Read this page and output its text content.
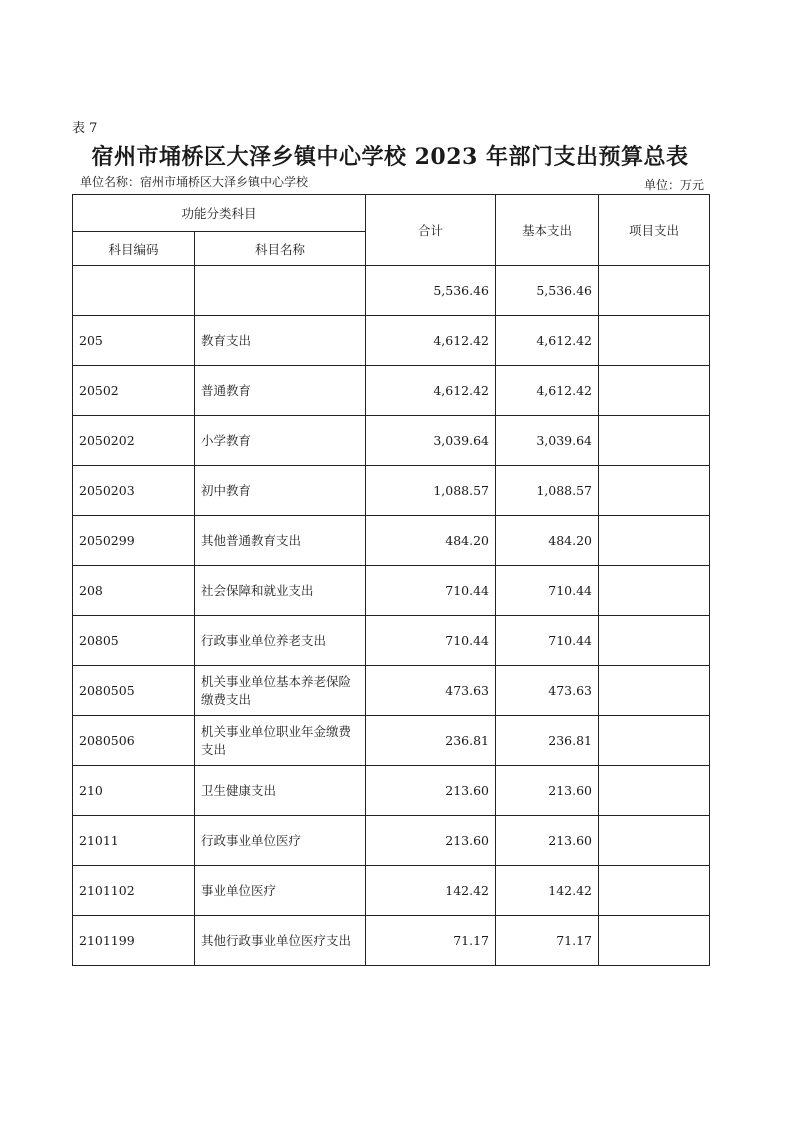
表 7
宿州市埇桥区大泽乡镇中心学校 2023 年部门支出预算总表
单位名称：宿州市埇桥区大泽乡镇中心学校	单位：万元
功能分类科目		合计	基本支出	项目支出
科目编码	科目名称			
		5,536.46	5,536.46	
205	教育支出	4,612.42	4,612.42	
20502	普通教育	4,612.42	4,612.42	
2050202	小学教育	3,039.64	3,039.64	
2050203	初中教育	1,088.57	1,088.57	
2050299	其他普通教育支出	484.20	484.20	
208	社会保障和就业支出	710.44	710.44	
20805	行政事业单位养老支出	710.44	710.44	
2080505	机关事业单位基本养老保险缴费支出	473.63	473.63	
2080506	机关事业单位职业年金缴费支出	236.81	236.81	
210	卫生健康支出	213.60	213.60	
21011	行政事业单位医疗	213.60	213.60	
2101102	事业单位医疗	142.42	142.42	
2101199	其他行政事业单位医疗支出	71.17	71.17	
